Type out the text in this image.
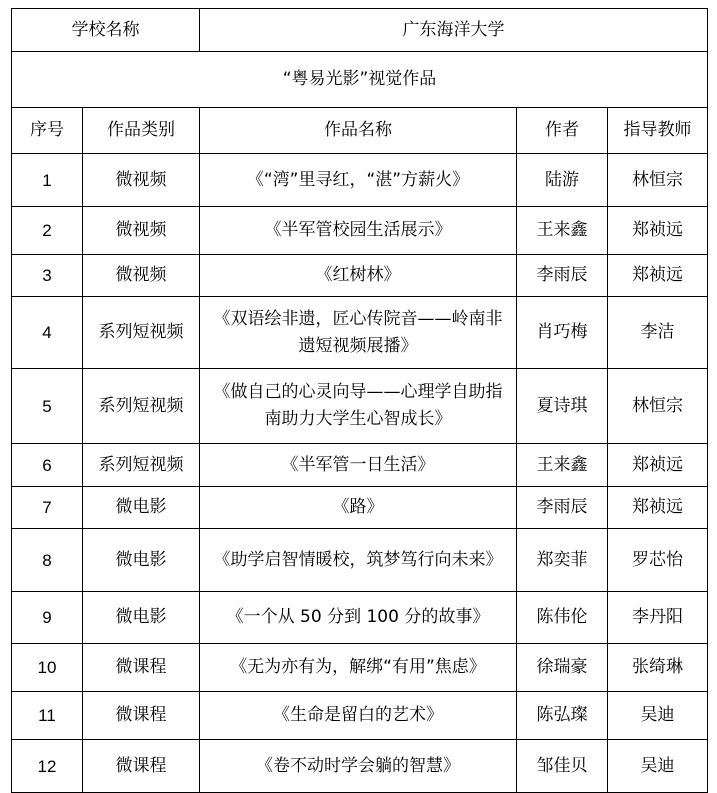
学校名称		广东海洋大学		
“粤易光影”视觉作品				
序号	作品类别	作品名称	作者	指导教师
1	微视频	《“湾”里寻红，“湛”方薪火》	陆游	林恒宗
2	微视频	《半军管校园生活展示》	王来鑫	郑祯远
3	微视频	《红树林》	李雨辰	郑祯远
4	系列短视频	《双语绘非遗，匠心传院音——岭南非遗短视频展播》	肖巧梅	李洁
5	系列短视频	《做自己的心灵向导——心理学自助指南助力大学生心智成长》	夏诗琪	林恒宗
6	系列短视频	《半军管一日生活》	王来鑫	郑祯远
7	微电影	《路》	李雨辰	郑祯远
8	微电影	《助学启智情暖校，筑梦笃行向未来》	郑奕菲	罗芯怡
9	微电影	《一个从 50 分到 100 分的故事》	陈伟伦	李丹阳
10	微课程	《无为亦有为，解绑“有用”焦虑》	徐瑞豪	张绮琳
11	微课程	《生命是留白的艺术》	陈弘璨	吴迪
12	微课程	《卷不动时学会躺的智慧》	邹佳贝	吴迪
